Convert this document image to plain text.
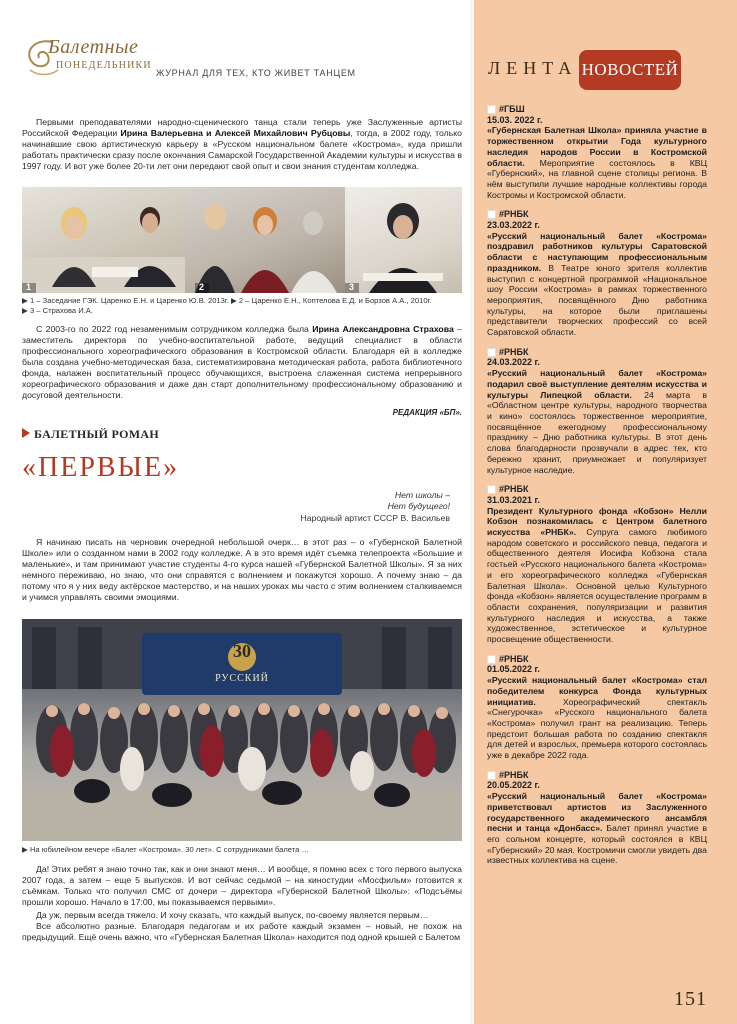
Балетные
ПОНЕДЕЛЬНИКИ
ЖУРНАЛ ДЛЯ ТЕХ, КТО ЖИВЕТ ТАНЦЕМ	ЛЕНТА НОВОСТЕЙ
#ГБШ
15.03. 2022 г.
«Губернская Балетная Школа» приняла участие в торжественном открытии Года культурного наследия народов России в Костромской области. Мероприятие состоялось в КВЦ «Губернский», на главной сцене столицы региона. В нём выступили лучшие народные коллективы города Костромы и Костромской области.
#РНБК
23.03.2022 г.
«Русский национальный балет «Кострома» поздравил работников культуры Саратовской области с наступающим профессиональным праздником. В Театре юного зрителя коллектив выступил с концертной программой «Национальное шоу России «Кострома» в рамках торжественного мероприятия, посвящённого Дню работника культуры, на которое были приглашены представители творческих профессий со всей Саратовской области.
#РНБК
24.03.2022 г.
«Русский национальный балет «Кострома» подарил своё выступление деятелям искусства и культуры Липецкой области. 24 марта в «Областном центре культуры, народного творчества и кино» состоялось торжественное мероприятие, посвящённое ежегодному профессиональному празднику – Дню работника культуры. В этот день слова благодарности прозвучали в адрес тех, кто бережно хранит, приумножает и популяризует культурное наследие.
#РНБК
31.03.2021 г.
Президент Культурного фонда «Кобзон» Нелли Кобзон познакомилась с Центром балетного искусства «РНБК». Супруга самого любимого народом советского и российского певца, педагога и общественного деятеля Иосифа Кобзона стала гостьей «Русского национального балета «Кострома» и его хореографического колледжа «Губернская Балетная Школа». Основной целью Культурного фонда «Кобзон» является осуществление программ в области сохранения, популяризации и развития культурного наследия и искусства, а также художественное, эстетическое и культурное просвещение общественности.
#РНБК
01.05.2022 г.
«Русский национальный балет «Кострома» стал победителем конкурса Фонда культурных инициатив. Хореографический спектакль «Снегурочка» «Русского национального балета «Кострома» получил грант на реализацию. Теперь предстоит большая работа по созданию спектакля для детей и взрослых, премьера которого состоялась уже в декабре 2022 года.
#РНБК
20.05.2022 г.
«Русский национальный балет «Кострома» приветствовал артистов из Заслуженного государственного академического ансамбля песни и танца «Донбасс». Балет принял участие в его сольном концерте, который состоялся в КВЦ «Губернский» 20 мая. Костромичи смогли увидеть два известных коллектива на сцене.
151
Первыми преподавателями народно-сценического танца стали теперь уже Заслуженные артисты Российской Федерации Ирина Валерьевна и Алексей Михайлович Рубцовы, тогда, в 2002 году, только начинавшие свою артистическую карьеру в «Русском национальном балете «Кострома», куда пришли работать практически сразу после окончания Самарской Государственной Академии культуры и искусства в 1997 году. И вот уже более 20-ти лет они передают свой опыт и свои знания студентам колледжа.
1	2	3
▶ 1 – Заседание ГЭК. Царенко Е.Н. и Царенко Ю.В. 2013г. ▶ 2 – Царенко Е.Н., Коптелова Е.Д. и Борзов А.А., 2010г.
▶ 3 – Страхова И.А.
С 2003-го по 2022 год незаменимым сотрудником колледжа была Ирина Александровна Страхова – заместитель директора по учебно-воспитательной работе, ведущий специалист в области профессионального хореографического образования в Костромской области. Благодаря ей в колледже была создана учебно-методическая база, систематизирована методическая работа, работа библиотечного фонда, налажен воспитательный процесс обучающихся, выстроена слаженная система непрерывного хореографического образования и даже дан старт дополнительному профессиональному образованию и досуговой деятельности.
РЕДАКЦИЯ «БП».
БАЛЕТНЫЙ РОМАН
«ПЕРВЫЕ»
Нет школы –
Нет будущего!
Народный артист СССР В. Васильев
Я начинаю писать на черновик очередной небольшой очерк… в этот раз – о «Губернской Балетной Школе» или о созданном нами в 2002 году колледже. А в это время идёт съемка телепроекта «Большие и маленькие», и там принимают участие студенты 4-го курса нашей «Губернской Балетной Школы». Я за них немного переживаю, но знаю, что они справятся с волнением и покажутся хорошо. А почему знаю – да потому что я у них веду актёрское мастерство, и на наших уроках мы часто с этим волнением сталкиваемся и учимся управлять своими эмоциями.
30
РУССКИЙ
▶ На юбилейном вечере «Балет «Кострома». 30 лет». С сотрудниками балета …
Да! Этих ребят я знаю точно так, как и они знают меня… И вообще, я помню всех с того первого выпуска 2007 года, а затем – еще 5 выпусков. И вот сейчас седьмой – на киностудии «Мосфильм» готовится к съёмкам. Только что получил СМС от дочери – директора «Губернской Балетной Школы»: «Подсъёмы прошли хорошо. Начало в 17:00, мы показываемся первыми».
Да уж, первым всегда тяжело. И хочу сказать, что каждый выпуск, по-своему является первым…
Все абсолютно разные. Благодаря педагогам и их работе каждый экзамен – новый, не похож на предыдущий. Ещё очень важно, что «Губернская Балетная Школа» находится под одной крышей с Балетом
